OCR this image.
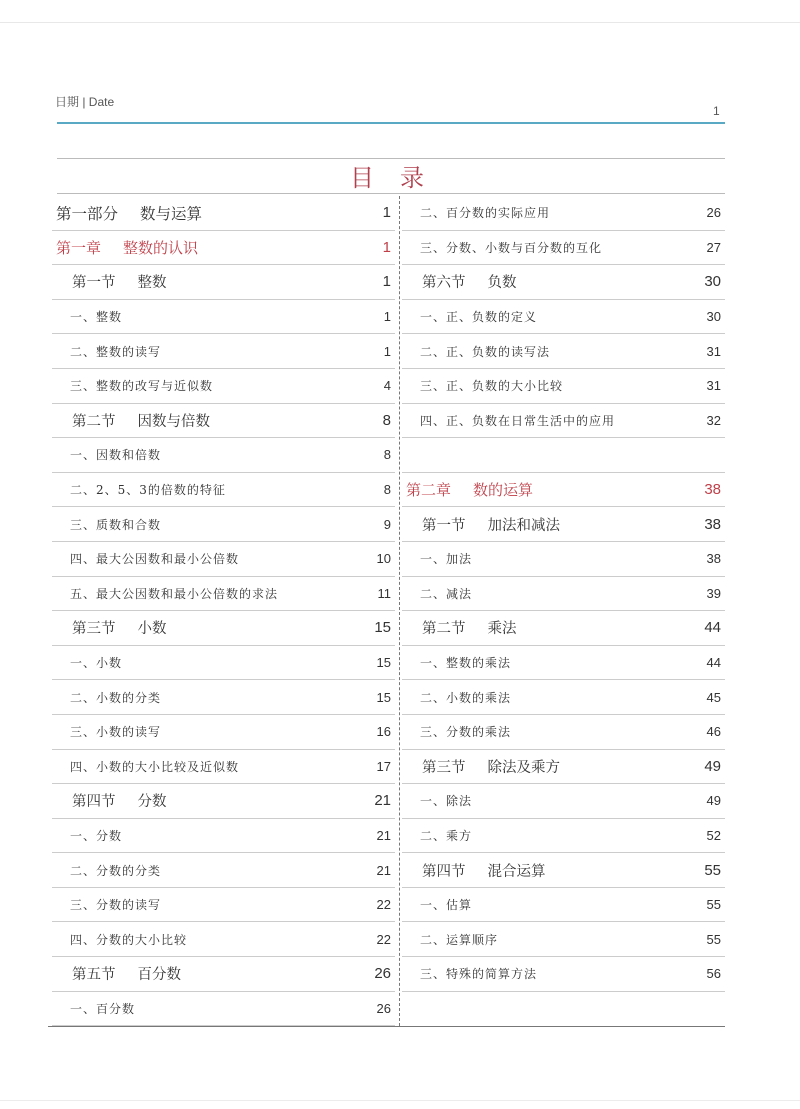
日期 | Date
1
目录
第一部分 数与运算	1
第一章 整数的认识	1
第一节 整数	1
一、整数	1
二、整数的读写	1
三、整数的改写与近似数	4
第二节 因数与倍数	8
一、因数和倍数	8
二、2、5、3的倍数的特征	8
三、质数和合数	9
四、最大公因数和最小公倍数	10
五、最大公因数和最小公倍数的求法	11
第三节 小数	15
一、小数	15
二、小数的分类	15
三、小数的读写	16
四、小数的大小比较及近似数	17
第四节 分数	21
一、分数	21
二、分数的分类	21
三、分数的读写	22
四、分数的大小比较	22
第五节 百分数	26
一、百分数	26
二、百分数的实际应用	26
三、分数、小数与百分数的互化	27
第六节 负数	30
一、正、负数的定义	30
二、正、负数的读写法	31
三、正、负数的大小比较	31
四、正、负数在日常生活中的应用	32
第二章 数的运算	38
第一节 加法和减法	38
一、加法	38
二、减法	39
第二节 乘法	44
一、整数的乘法	44
二、小数的乘法	45
三、分数的乘法	46
第三节 除法及乘方	49
一、除法	49
二、乘方	52
第四节 混合运算	55
一、估算	55
二、运算顺序	55
三、特殊的简算方法	56
